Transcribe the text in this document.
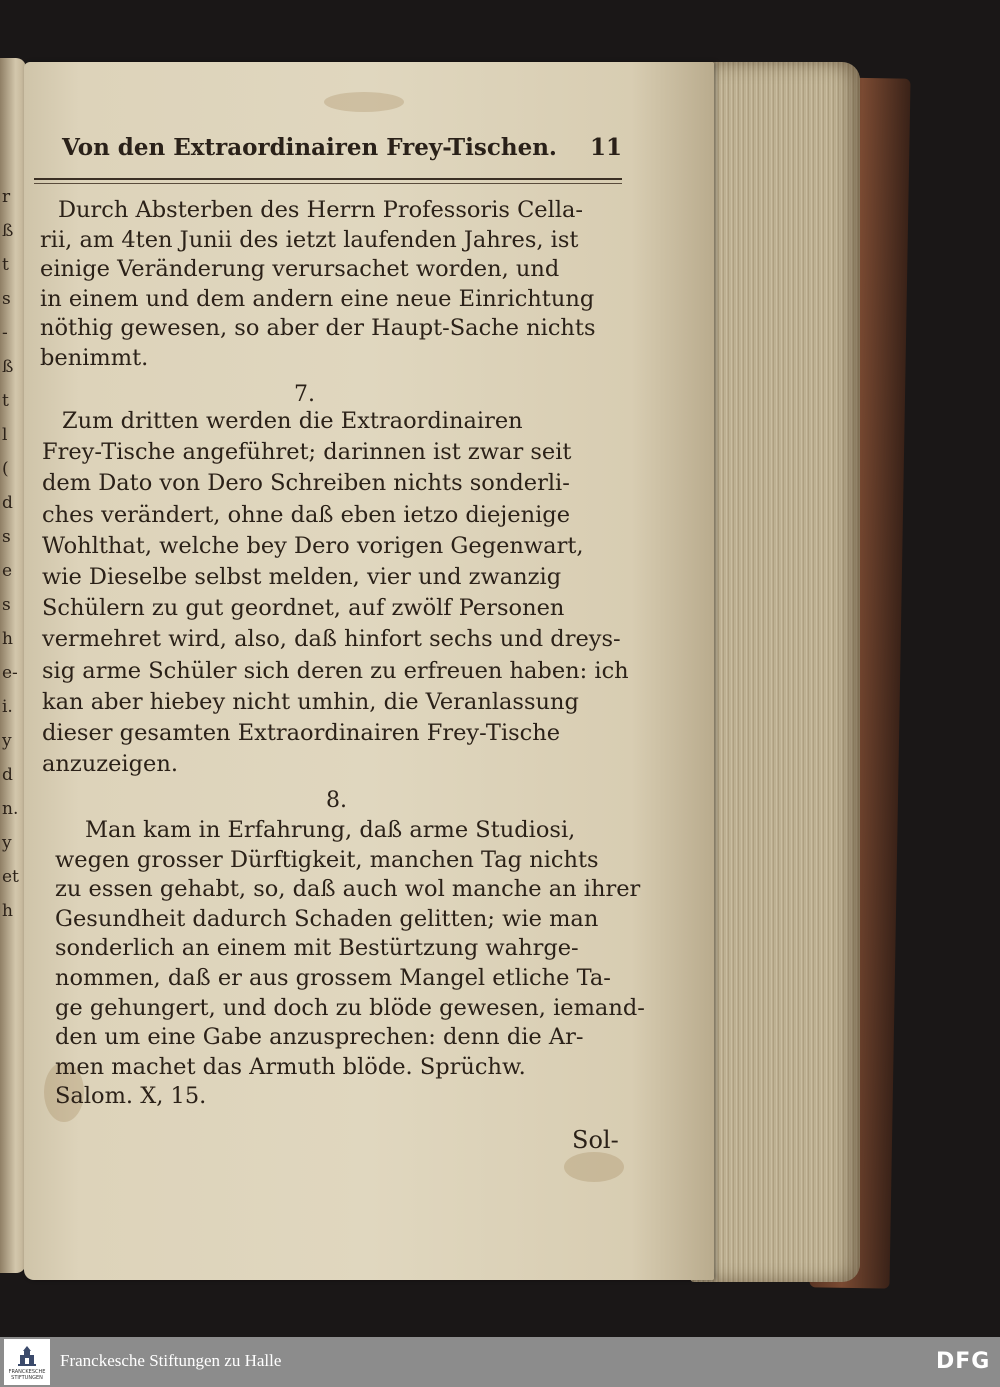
r
ß
t
s
-
ß
t
l
(
d
s
e
s
h
e-
i.
y
d
n.
y
et
h
Von den Extraordinairen Frey-Tischen. 11
Durch Absterben des Herrn Professoris Cella-
rii, am 4ten Junii des ietzt laufenden Jahres, ist
einige Veränderung verursachet worden, und
in einem und dem andern eine neue Einrichtung
nöthig gewesen, so aber der Haupt-Sache nichts
benimmt.
Zum dritten werden die Extraordinairen
Frey-Tische angeführet; darinnen ist zwar seit
dem Dato von Dero Schreiben nichts sonderli-
ches verändert, ohne daß eben ietzo diejenige
Wohlthat, welche bey Dero vorigen Gegenwart,
wie Dieselbe selbst melden, vier und zwanzig
Schülern zu gut geordnet, auf zwölf Personen
vermehret wird, also, daß hinfort sechs und dreys-
sig arme Schüler sich deren zu erfreuen haben: ich
kan aber hiebey nicht umhin, die Veranlassung
dieser gesamten Extraordinairen Frey-Tische
anzuzeigen.
Man kam in Erfahrung, daß arme Studiosi,
wegen grosser Dürftigkeit, manchen Tag nichts
zu essen gehabt, so, daß auch wol manche an ihrer
Gesundheit dadurch Schaden gelitten; wie man
sonderlich an einem mit Bestürtzung wahrge-
nommen, daß er aus grossem Mangel etliche Ta-
ge gehungert, und doch zu blöde gewesen, iemand-
den um eine Gabe anzusprechen: denn die Ar-
men machet das Armuth blöde. Sprüchw.
Salom. X, 15.
7.
8.
Sol-
FRANCKESCHE STIFTUNGEN
Franckesche Stiftungen zu Halle	DFG
